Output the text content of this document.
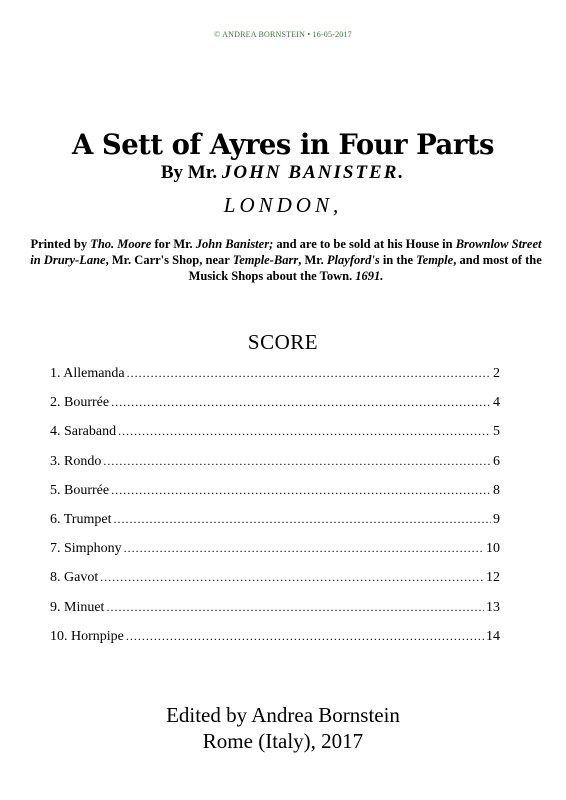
© ANDREA BORNSTEIN • 16-05-2017
A Sett of Ayres in Four Parts
By Mr. JOHN BANISTER.
LONDON,
Printed by Tho. Moore for Mr. John Banister; and are to be sold at his House in Brownlow Street in Drury-Lane, Mr. Carr's Shop, near Temple-Barr, Mr. Playford's in the Temple, and most of the Musick Shops about the Town. 1691.
SCORE
1. Allemanda .....	2
2. Bourrée .....	4
4. Saraband .....	5
3. Rondo .....	6
5. Bourrée .....	8
6. Trumpet .....	9
7. Simphony .....	10
8. Gavot .....	12
9. Minuet .....	13
10. Hornpipe .....	14
Edited by Andrea Bornstein
Rome (Italy), 2017
